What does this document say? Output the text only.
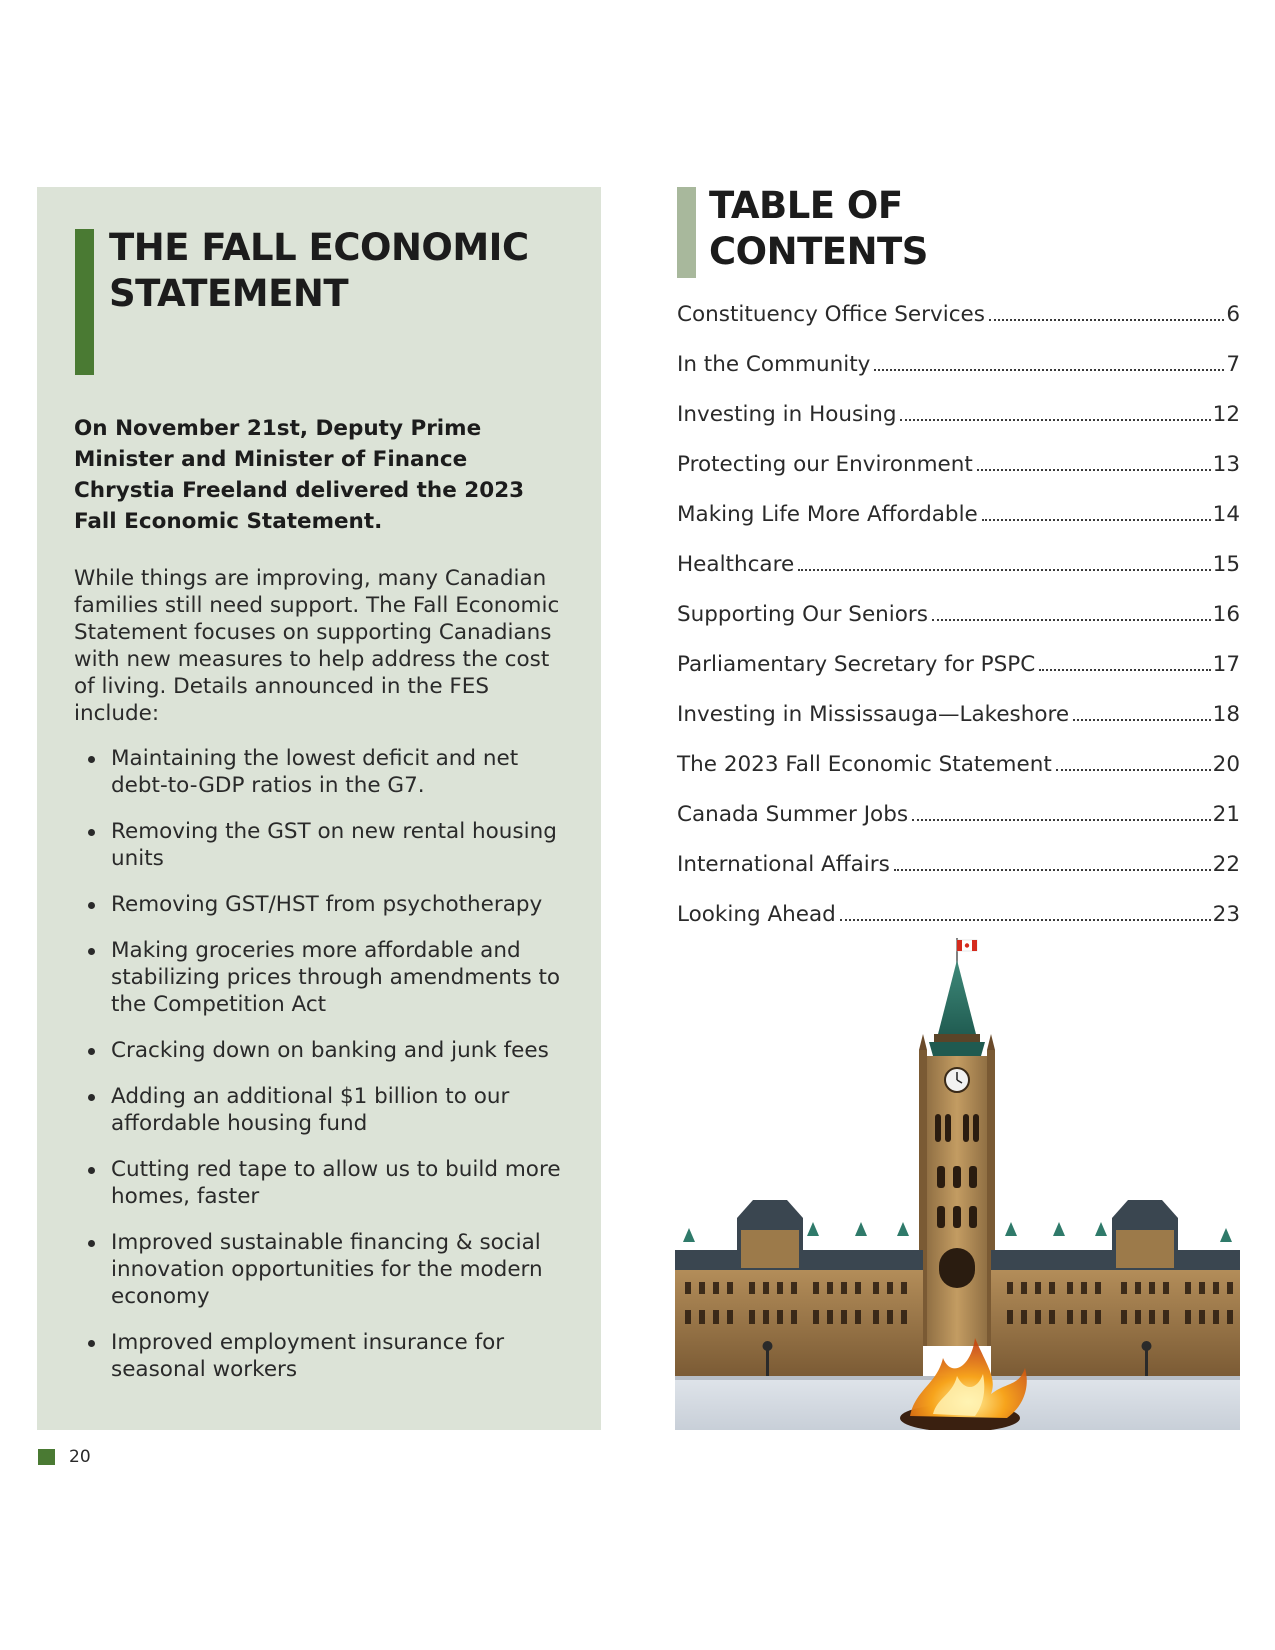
THE FALL ECONOMIC STATEMENT

On November 21st, Deputy Prime Minister and Minister of Finance Chrystia Freeland delivered the 2023 Fall Economic Statement.

While things are improving, many Canadian families still need support. The Fall Economic Statement focuses on supporting Canadians with new measures to help address the cost of living. Details announced in the FES include:

Maintaining the lowest deficit and net debt-to-GDP ratios in the G7.
Removing the GST on new rental housing units
Removing GST/HST from psychotherapy
Making groceries more affordable and stabilizing prices through amendments to the Competition Act
Cracking down on banking and junk fees
Adding an additional $1 billion to our affordable housing fund
Cutting red tape to allow us to build more homes, faster
Improved sustainable financing & social innovation opportunities for the modern economy
Improved employment insurance for seasonal workers
20
TABLE OF CONTENTS
Constituency Office Services	6
In the Community	7
Investing in Housing	12
Protecting our Environment	13
Making Life More Affordable	14
Healthcare	15
Supporting Our Seniors	16
Parliamentary Secretary for PSPC	17
Investing in Mississauga—Lakeshore	18
The 2023 Fall Economic Statement	20
Canada Summer Jobs	21
International Affairs	22
Looking Ahead	23
